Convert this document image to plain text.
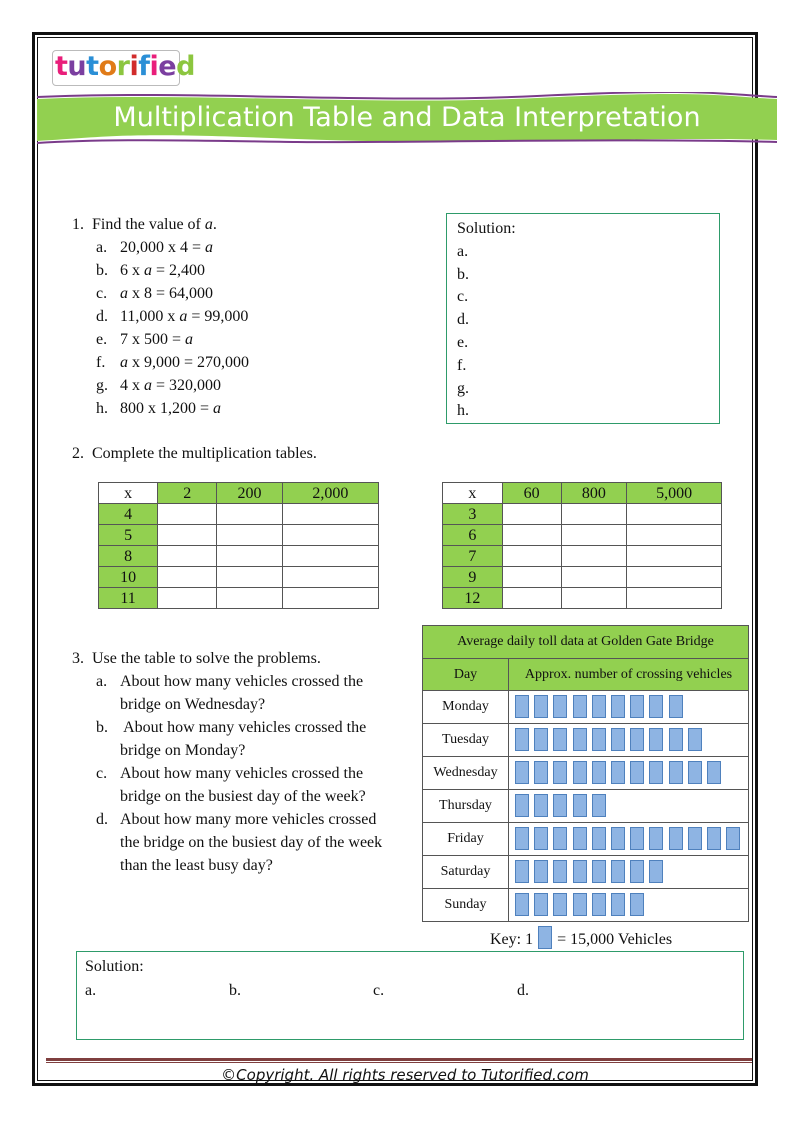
tutorified
Multiplication Table and Data Interpretation
1. Find the value of a.
a. 20,000 x 4 = a
b. 6 x a = 2,400
c. a x 8 = 64,000
d. 11,000 x a = 99,000
e. 7 x 500 = a
f. a x 9,000 = 270,000
g. 4 x a = 320,000
h. 800 x 1,200 = a
Solution:
a.
b.
c.
d.
e.
f.
g.
h.
2. Complete the multiplication tables.
x	2	200	2,000
4			
5			
8			
10			
11			
x	60	800	5,000
3			
6			
7			
9			
12			
3. Use the table to solve the problems.
a. About how many vehicles crossed the
bridge on Wednesday?
b. About how many vehicles crossed the
bridge on Monday?
c. About how many vehicles crossed the
bridge on the busiest day of the week?
d. About how many more vehicles crossed
the bridge on the busiest day of the week
than the least busy day?
Average daily toll data at Golden Gate Bridge
Day	Approx. number of crossing vehicles
Monday
Tuesday
Wednesday
Thursday
Friday
Saturday
Sunday
Key: 1 = 15,000 Vehicles
Solution:
a.	b.	c.	d.
©Copyright. All rights reserved to Tutorified.com
